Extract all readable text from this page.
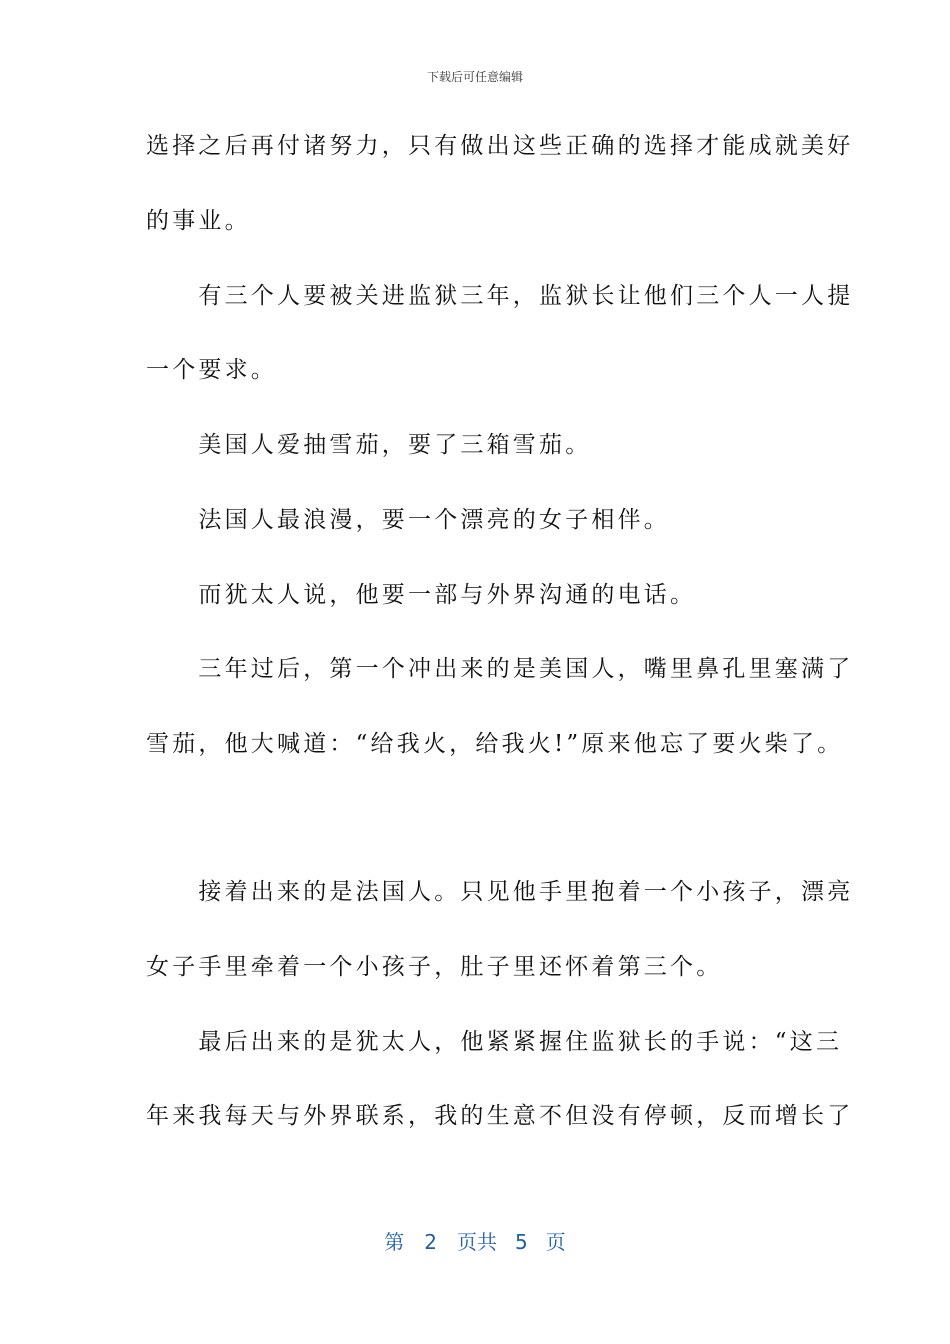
下载后可任意编辑
选择之后再付诸努力，只有做出这些正确的选择才能成就美好
的事业。
　　有三个人要被关进监狱三年，监狱长让他们三个人一人提
一个要求。
　　美国人爱抽雪茄，要了三箱雪茄。
　　法国人最浪漫，要一个漂亮的女子相伴。
　　而犹太人说，他要一部与外界沟通的电话。
　　三年过后，第一个冲出来的是美国人，嘴里鼻孔里塞满了
雪茄，他大喊道：“给我火，给我火!”原来他忘了要火柴了。
　　接着出来的是法国人。只见他手里抱着一个小孩子，漂亮
女子手里牵着一个小孩子，肚子里还怀着第三个。
　　最后出来的是犹太人，他紧紧握住监狱长的手说：“这三
年来我每天与外界联系，我的生意不但没有停顿，反而增长了
第 2 页共 5 页
